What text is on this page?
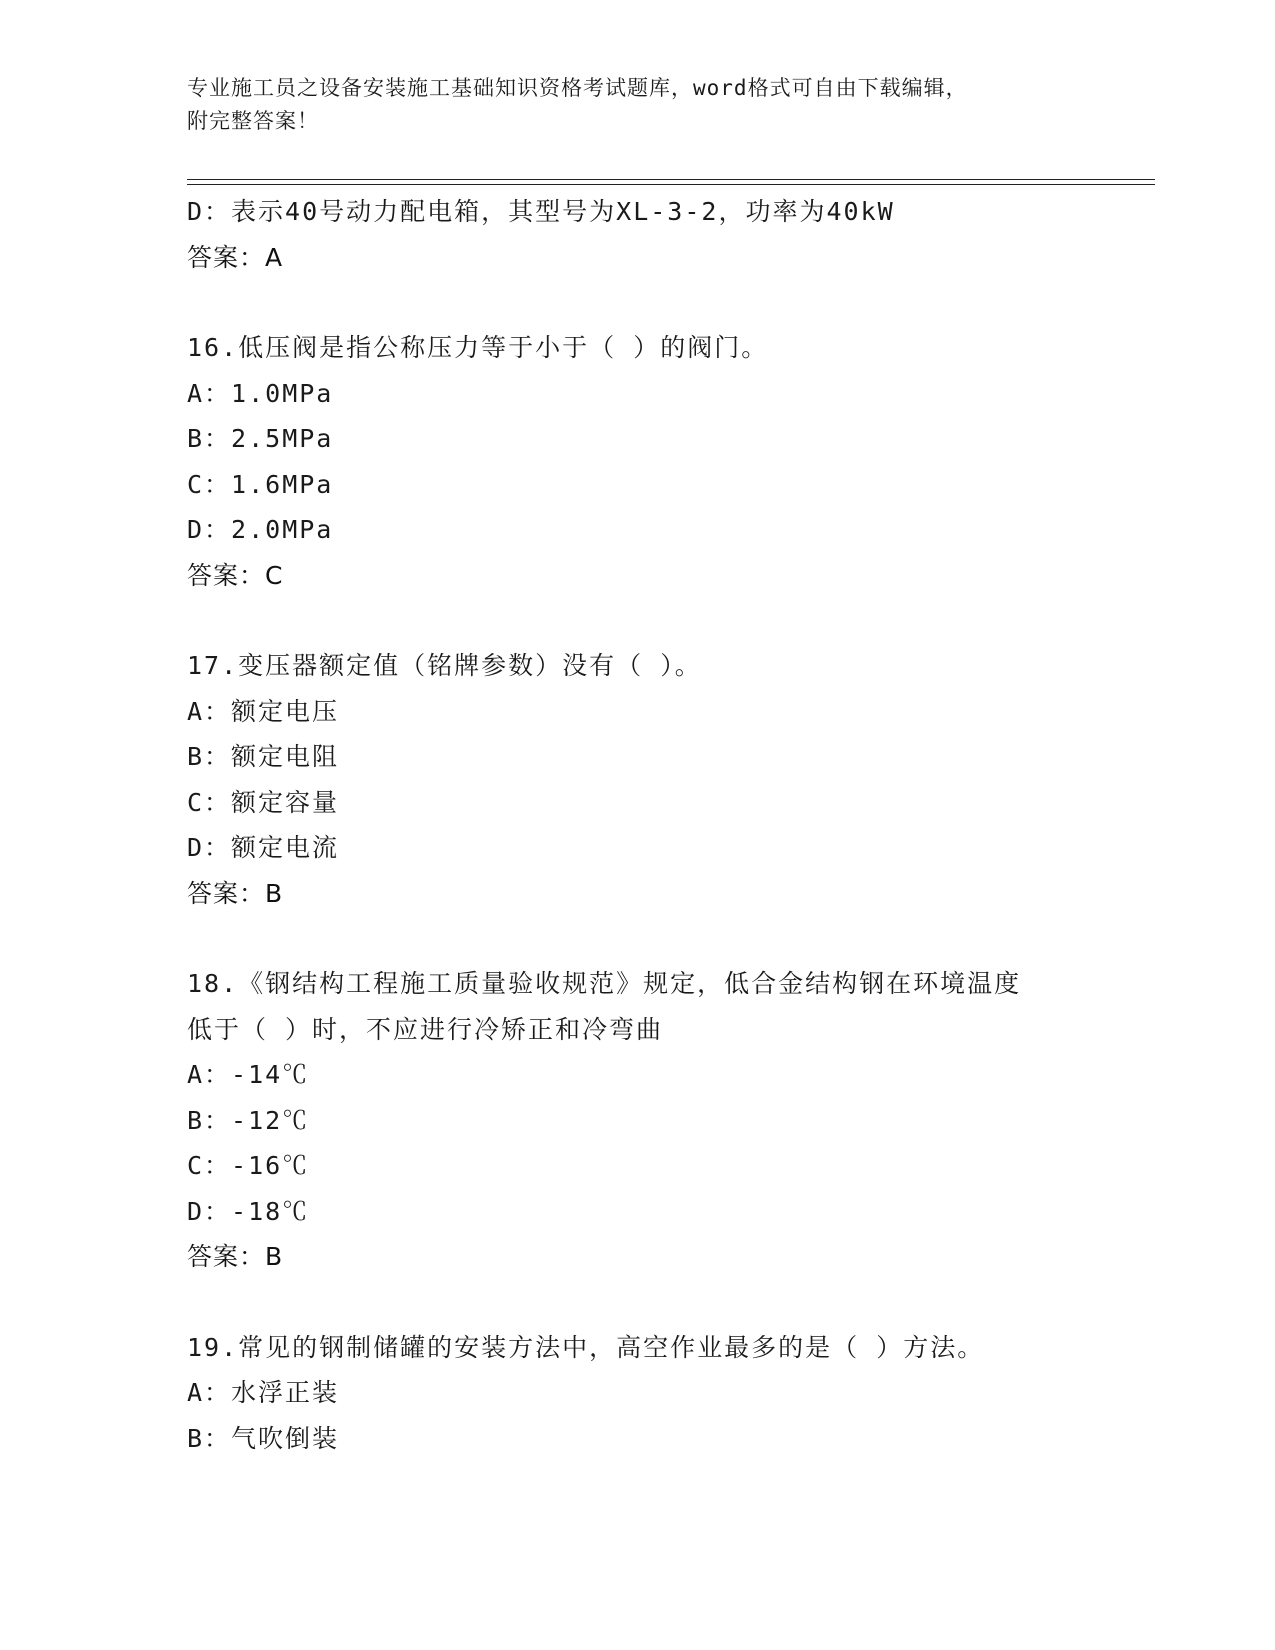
专业施工员之设备安装施工基础知识资格考试题库，word格式可自由下载编辑，
附完整答案！
D：表示40号动力配电箱，其型号为XL-3-2，功率为40kW
答案：A
16.低压阀是指公称压力等于小于（ ）的阀门。
A：1.0MPa
B：2.5MPa
C：1.6MPa
D：2.0MPa
答案：C
17.变压器额定值（铭牌参数）没有（ ）。
A：额定电压
B：额定电阻
C：额定容量
D：额定电流
答案：B
18.《钢结构工程施工质量验收规范》规定，低合金结构钢在环境温度
低于（ ）时，不应进行冷矫正和冷弯曲
A：-14℃
B：-12℃
C：-16℃
D：-18℃
答案：B
19.常见的钢制储罐的安装方法中，高空作业最多的是（ ）方法。
A：水浮正装
B：气吹倒装
